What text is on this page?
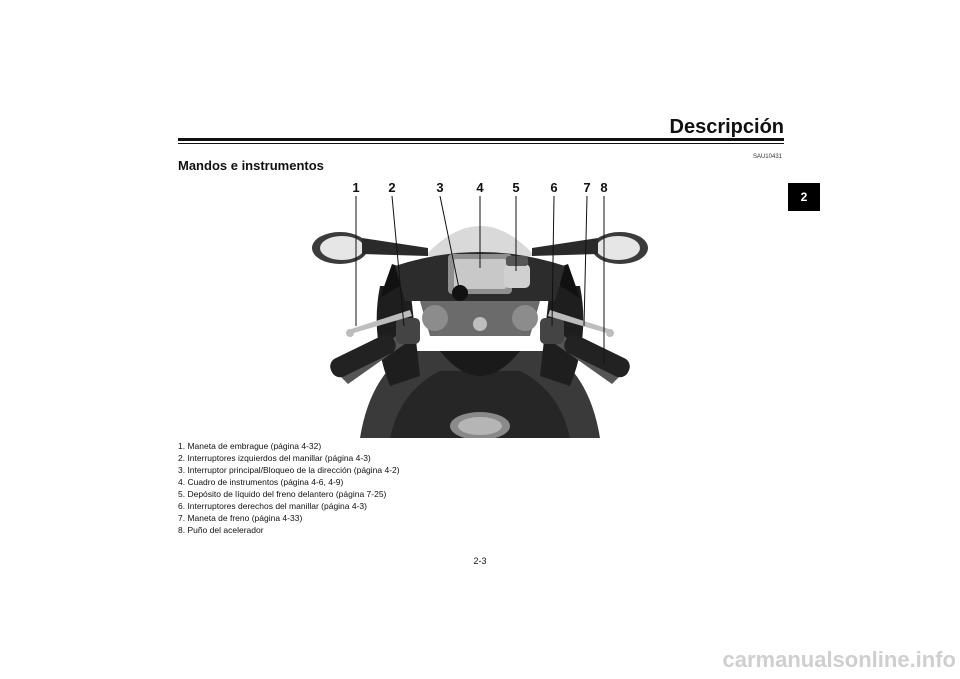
Descripción
SAU10431
Mandos e instrumentos
2
1 2	3	4 5 6 7 8
1. Maneta de embrague (página 4-32)
2. Interruptores izquierdos del manillar (página 4-3)
3. Interruptor principal/Bloqueo de la dirección (página 4-2)
4. Cuadro de instrumentos (página 4-6, 4-9)
5. Depósito de líquido del freno delantero (página 7-25)
6. Interruptores derechos del manillar (página 4-3)
7. Maneta de freno (página 4-33)
8. Puño del acelerador
2-3
carmanualsonline.info
